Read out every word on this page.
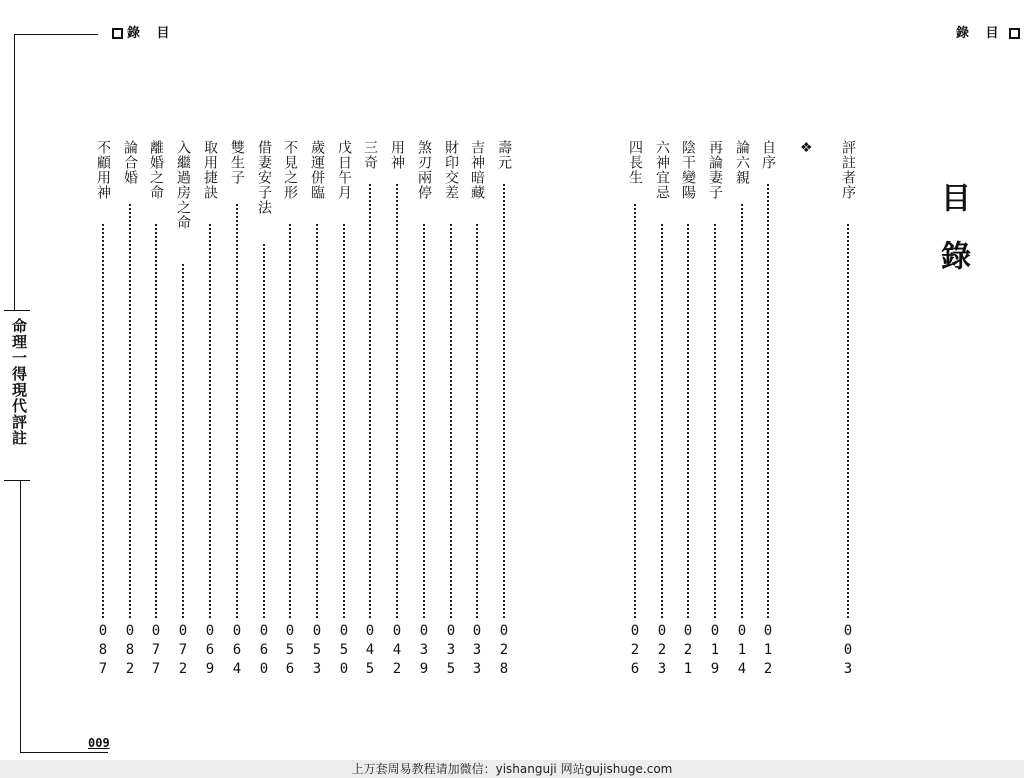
錄 目	錄 目
命理一得現代評註
009
評註者序
003
❖
自序
012
論六親
014
再論妻子
019
陰干變陽
021
六神宜忌
023
四長生
026
壽元
028
吉神暗藏
033
財印交差
035
煞刃兩停
039
用神
042
三奇
045
戊日午月
050
歲運併臨
053
不見之形
056
借妻安子法
060
雙生子
064
取用捷訣
069
入繼過房之命
072
離婚之命
077
論合婚
082
不顧用神
087
目錄
上万套周易教程请加微信：yishanguji 网站gujishuge.com
